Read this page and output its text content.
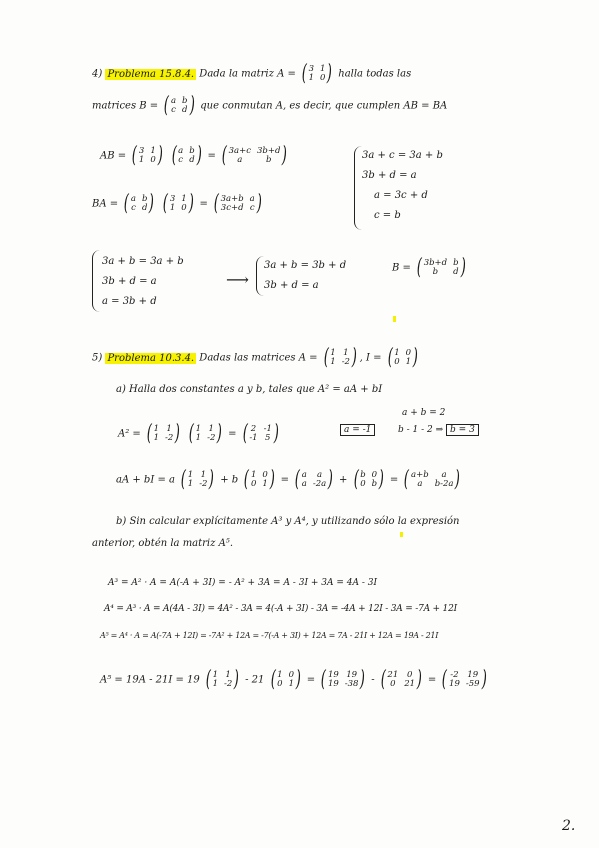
4) Problema 15.8.4. Dada la matriz A = ( 3 1
1 0 ) halla todas las
matrices B = ( a b
c d ) que conmutan A, es decir, que cumplen AB = BA
AB = ( 3 1
1 0 )
( a b
c d ) = ( 3a+c 3b+d
a	b )
BA = ( a b
c d )
( 3 1
1 0 ) = ( 3a+b a
3c+d c )
3a + c = 3a + b
3b + d = a
a = 3c + d
c = b
3a + b = 3a + b
3b + d = a
a = 3b + d
⟶
3a + b = 3b + d
3b + d = a
B = ( 3b+d b
b	d )
5) Problema 10.3.4. Dadas las matrices A = ( 1 1
1 -2 ) , I = ( 1 0
0 1 )
a) Halla dos constantes a y b, tales que A² = aA + bI
A² = ( 1 1
1 -2 )
( 1 1
1 -2 ) = ( 2 -1
-1 5 )	a = -1
a + b = 2
b - 1 - 2 ⇒ b = 3
aA + bI = a ( 1 1
1 -2 ) + b ( 1 0
0 1 ) = ( a	a
a -2a ) + ( b 0
0 b ) = ( a+b	a
a	b-2a )
b) Sin calcular explícitamente A³ y A⁴, y utilizando sólo la expresión
anterior, obtén la matriz A⁵.
A³ = A² · A = A(-A + 3I) = - A² + 3A = A - 3I + 3A = 4A - 3I
A⁴ = A³ · A = A(4A - 3I) = 4A² - 3A = 4(-A + 3I) - 3A = -4A + 12I - 3A = -7A + 12I
A⁵ = A⁴ · A = A(-7A + 12I) = -7A² + 12A = -7(-A + 3I) + 12A = 7A - 21I + 12A = 19A - 21I
A⁵ = 19A - 21I = 19 ( 1 1
1 -2 ) - 21 ( 1 0
0 1 ) = ( 19 19
19 -38 ) - ( 21	0
0	21 ) = ( -2 19
19 -59 )
2.
